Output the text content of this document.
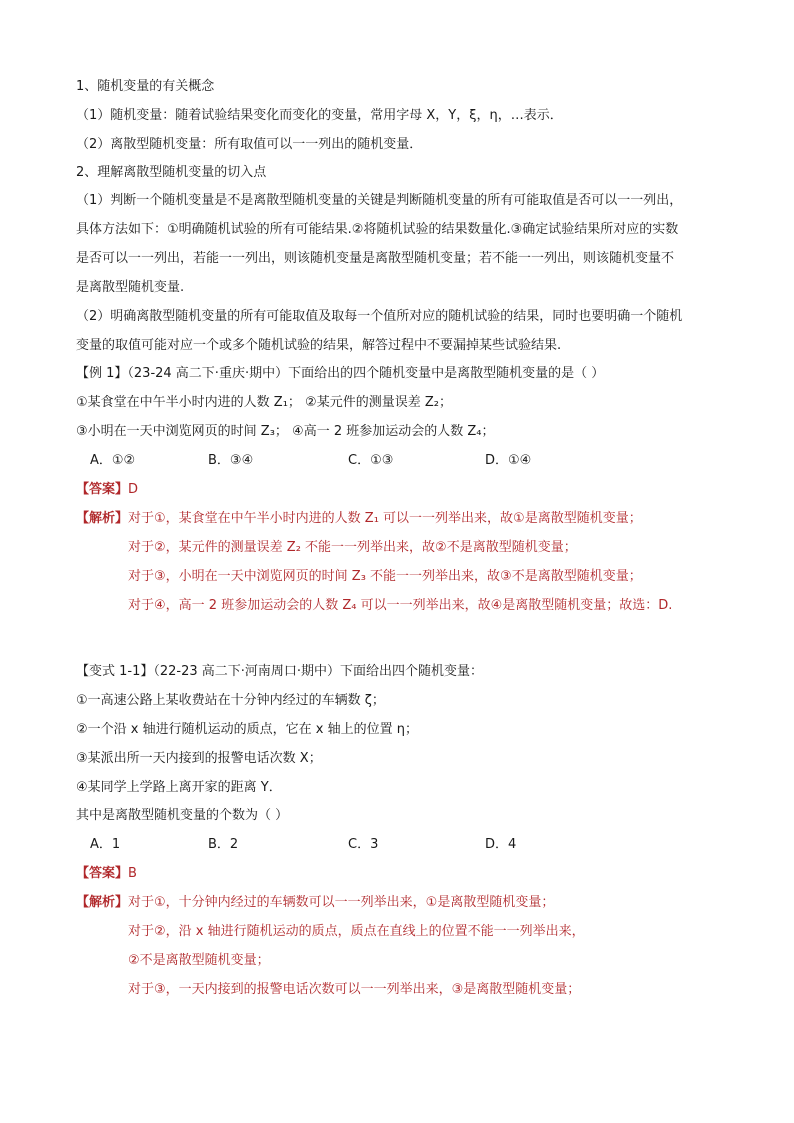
1、随机变量的有关概念
（1）随机变量：随着试验结果变化而变化的变量，常用字母 X，Y，ξ，η，…表示．
（2）离散型随机变量：所有取值可以一一列出的随机变量．
2、理解离散型随机变量的切入点
（1）判断一个随机变量是不是离散型随机变量的关键是判断随机变量的所有可能取值是否可以一一列出，
具体方法如下：①明确随机试验的所有可能结果.②将随机试验的结果数量化.③确定试验结果所对应的实数
是否可以一一列出，若能一一列出，则该随机变量是离散型随机变量；若不能一一列出，则该随机变量不
是离散型随机变量.
（2）明确离散型随机变量的所有可能取值及取每一个值所对应的随机试验的结果，同时也要明确一个随机
变量的取值可能对应一个或多个随机试验的结果，解答过程中不要漏掉某些试验结果.
【例 1】（23-24 高二下·重庆·期中）下面给出的四个随机变量中是离散型随机变量的是（ ）
①某食堂在中午半小时内进的人数 Z₁； ②某元件的测量误差 Z₂；
③小明在一天中浏览网页的时间 Z₃； ④高一 2 班参加运动会的人数 Z₄；
A．①②	B．③④	C．①③	D．①④
【答案】D
【解析】对于①，某食堂在中午半小时内进的人数 Z₁ 可以一一列举出来，故①是离散型随机变量；
对于②，某元件的测量误差 Z₂ 不能一一列举出来，故②不是离散型随机变量；
对于③，小明在一天中浏览网页的时间 Z₃ 不能一一列举出来，故③不是离散型随机变量；
对于④，高一 2 班参加运动会的人数 Z₄ 可以一一列举出来，故④是离散型随机变量；故选：D.
【变式 1-1】（22-23 高二下·河南周口·期中）下面给出四个随机变量：
①一高速公路上某收费站在十分钟内经过的车辆数 ζ；
②一个沿 x 轴进行随机运动的质点，它在 x 轴上的位置 η；
③某派出所一天内接到的报警电话次数 X；
④某同学上学路上离开家的距离 Y．
其中是离散型随机变量的个数为（ ）
A．1	B．2	C．3	D．4
【答案】B
【解析】对于①，十分钟内经过的车辆数可以一一列举出来，①是离散型随机变量；
对于②，沿 x 轴进行随机运动的质点，质点在直线上的位置不能一一列举出来，
②不是离散型随机变量；
对于③，一天内接到的报警电话次数可以一一列举出来，③是离散型随机变量；
